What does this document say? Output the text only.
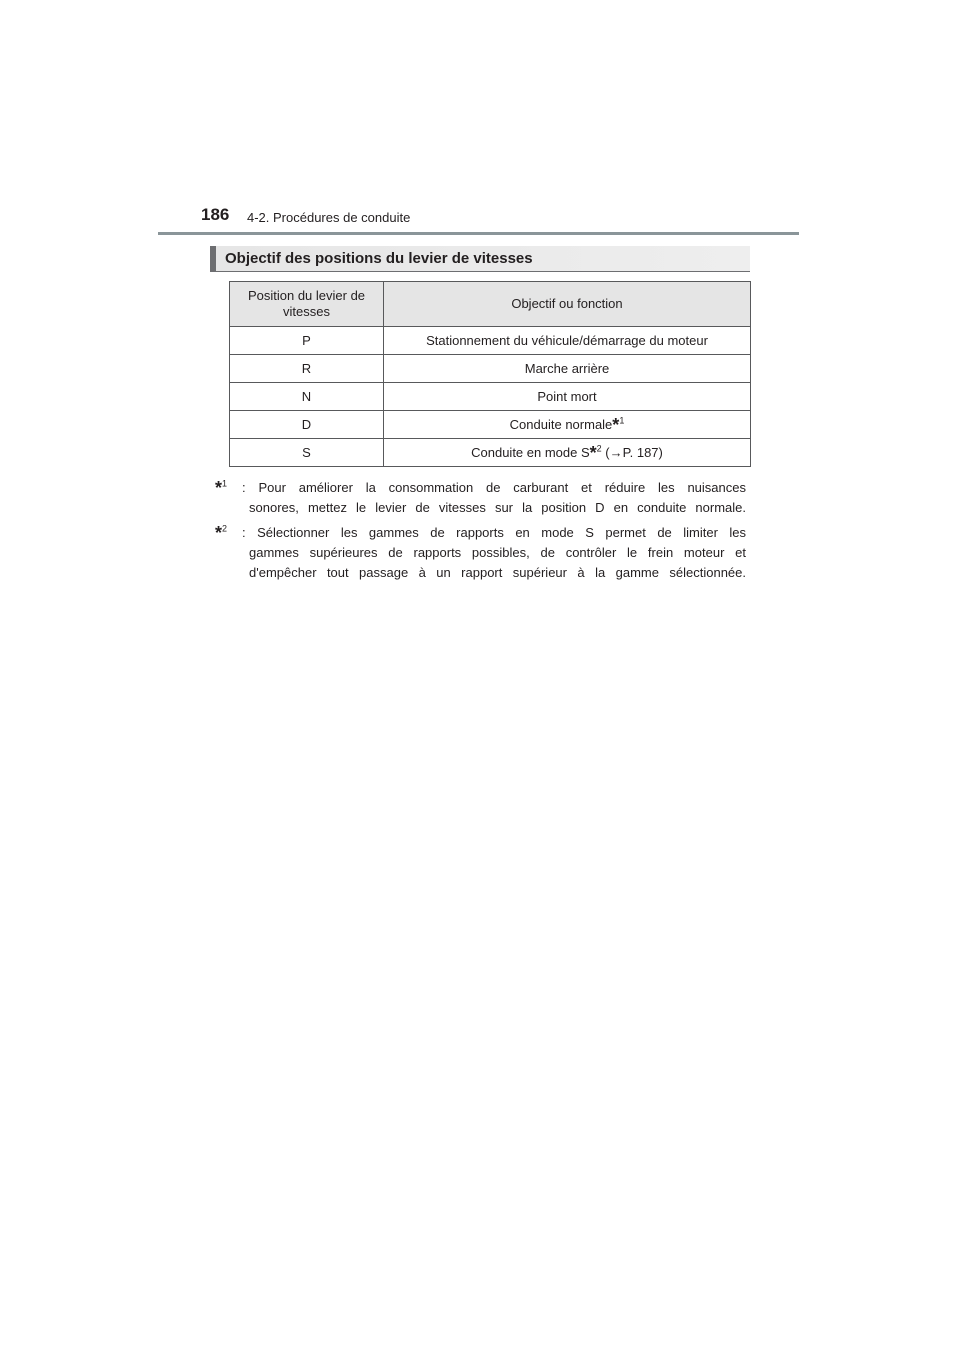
186 4-2. Procédures de conduite
Objectif des positions du levier de vitesses
Position du levier de vitesses	Objectif ou fonction
P	Stationnement du véhicule/démarrage du moteur
R	Marche arrière
N	Point mort
D	Conduite normale*$^1$
S	Conduite en mode S*$^2$ (→P. 187)
*$^1$ : Pour améliorer la consommation de carburant et réduire les nuisances
sonores, mettez le levier de vitesses sur la position D en conduite normale.
*$^2$ : Sélectionner les gammes de rapports en mode S permet de limiter les
gammes supérieures de rapports possibles, de contrôler le frein moteur et
d'empêcher tout passage à un rapport supérieur à la gamme sélectionnée.
